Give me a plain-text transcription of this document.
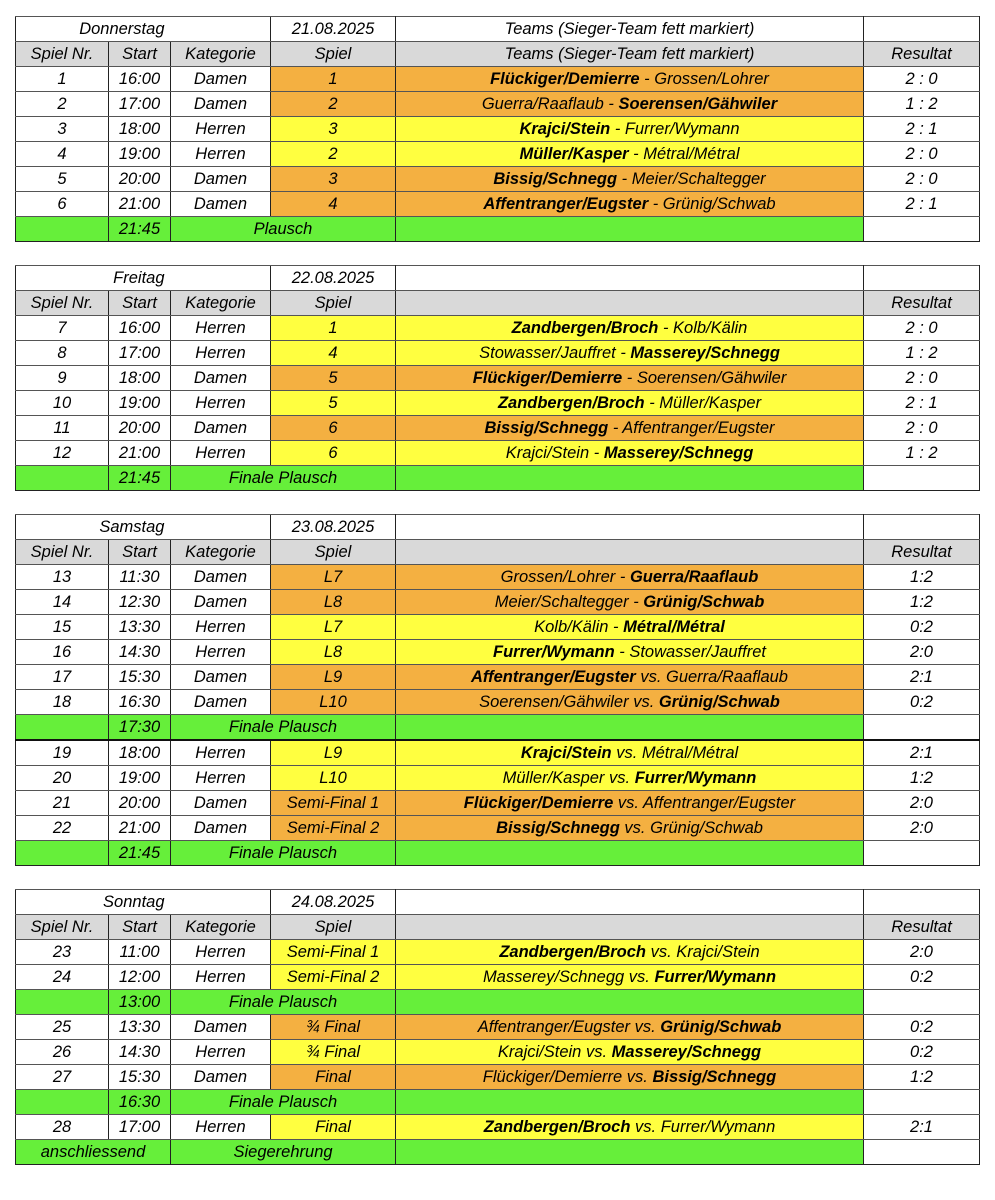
Donnerstag			21.08.2025	Teams (Sieger-Team fett markiert)	
Spiel Nr.	Start	Kategorie	Spiel	Teams (Sieger-Team fett markiert)	Resultat
1	16:00	Damen	1	Flückiger/Demierre - Grossen/Lohrer	2 : 0
2	17:00	Damen	2	Guerra/Raaflaub - Soerensen/Gähwiler	1 : 2
3	18:00	Herren	3	Krajci/Stein - Furrer/Wymann	2 : 1
4	19:00	Herren	2	Müller/Kasper - Métral/Métral	2 : 0
5	20:00	Damen	3	Bissig/Schnegg - Meier/Schaltegger	2 : 0
6	21:00	Damen	4	Affentranger/Eugster - Grünig/Schwab	2 : 1
	21:45	Plausch			
Freitag			22.08.2025		
Spiel Nr.	Start	Kategorie	Spiel		Resultat
7	16:00	Herren	1	Zandbergen/Broch - Kolb/Kälin	2 : 0
8	17:00	Herren	4	Stowasser/Jauffret - Masserey/Schnegg	1 : 2
9	18:00	Damen	5	Flückiger/Demierre - Soerensen/Gähwiler	2 : 0
10	19:00	Herren	5	Zandbergen/Broch - Müller/Kasper	2 : 1
11	20:00	Damen	6	Bissig/Schnegg - Affentranger/Eugster	2 : 0
12	21:00	Herren	6	Krajci/Stein - Masserey/Schnegg	1 : 2
	21:45	Finale Plausch			
Samstag			23.08.2025		
Spiel Nr.	Start	Kategorie	Spiel		Resultat
13	11:30	Damen	L7	Grossen/Lohrer - Guerra/Raaflaub	1:2
14	12:30	Damen	L8	Meier/Schaltegger - Grünig/Schwab	1:2
15	13:30	Herren	L7	Kolb/Kälin - Métral/Métral	0:2
16	14:30	Herren	L8	Furrer/Wymann - Stowasser/Jauffret	2:0
17	15:30	Damen	L9	Affentranger/Eugster vs. Guerra/Raaflaub	2:1
18	16:30	Damen	L10	Soerensen/Gähwiler vs. Grünig/Schwab	0:2
	17:30	Finale Plausch			
19	18:00	Herren	L9	Krajci/Stein vs. Métral/Métral	2:1
20	19:00	Herren	L10	Müller/Kasper vs. Furrer/Wymann	1:2
21	20:00	Damen	Semi-Final 1	Flückiger/Demierre vs. Affentranger/Eugster	2:0
22	21:00	Damen	Semi-Final 2	Bissig/Schnegg vs. Grünig/Schwab	2:0
	21:45	Finale Plausch			
Sonntag			24.08.2025		
Spiel Nr.	Start	Kategorie	Spiel		Resultat
23	11:00	Herren	Semi-Final 1	Zandbergen/Broch vs. Krajci/Stein	2:0
24	12:00	Herren	Semi-Final 2	Masserey/Schnegg vs. Furrer/Wymann	0:2
	13:00	Finale Plausch			
25	13:30	Damen	¾ Final	Affentranger/Eugster vs. Grünig/Schwab	0:2
26	14:30	Herren	¾ Final	Krajci/Stein vs. Masserey/Schnegg	0:2
27	15:30	Damen	Final	Flückiger/Demierre vs. Bissig/Schnegg	1:2
	16:30	Finale Plausch			
28	17:00	Herren	Final	Zandbergen/Broch vs. Furrer/Wymann	2:1
anschliessend		Siegerehrung			
